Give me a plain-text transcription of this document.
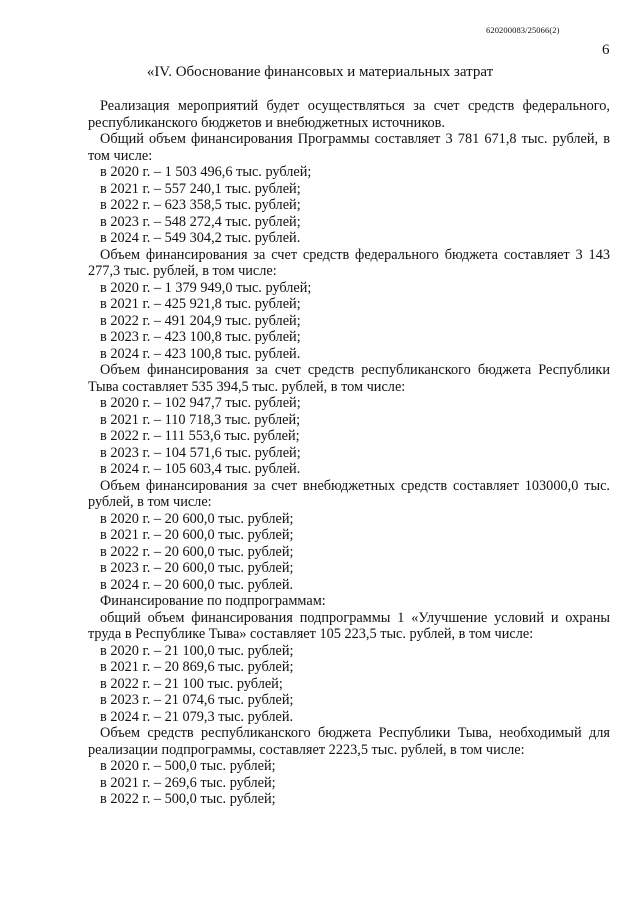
620200083/25066(2)
6
«IV. Обоснование финансовых и материальных затрат

Реализация мероприятий будет осуществляться за счет средств федерального, республиканского бюджетов и внебюджетных источников.

Общий объем финансирования Программы составляет 3 781 671,8 тыс. рублей, в том числе:

в 2020 г. – 1 503 496,6 тыс. рублей;

в 2021 г. – 557 240,1 тыс. рублей;

в 2022 г. – 623 358,5 тыс. рублей;

в 2023 г. – 548 272,4 тыс. рублей;

в 2024 г. – 549 304,2 тыс. рублей.

Объем финансирования за счет средств федерального бюджета составляет 3 143 277,3 тыс. рублей, в том числе:

в 2020 г. – 1 379 949,0 тыс. рублей;

в 2021 г. – 425 921,8 тыс. рублей;

в 2022 г. – 491 204,9 тыс. рублей;

в 2023 г. – 423 100,8 тыс. рублей;

в 2024 г. – 423 100,8 тыс. рублей.

Объем финансирования за счет средств республиканского бюджета Республики Тыва составляет 535 394,5 тыс. рублей, в том числе:

в 2020 г. – 102 947,7 тыс. рублей;

в 2021 г. – 110 718,3 тыс. рублей;

в 2022 г. – 111 553,6 тыс. рублей;

в 2023 г. – 104 571,6 тыс. рублей;

в 2024 г. – 105 603,4 тыс. рублей.

Объем финансирования за счет внебюджетных средств составляет 103000,0 тыс. рублей, в том числе:

в 2020 г. – 20 600,0 тыс. рублей;

в 2021 г. – 20 600,0 тыс. рублей;

в 2022 г. – 20 600,0 тыс. рублей;

в 2023 г. – 20 600,0 тыс. рублей;

в 2024 г. – 20 600,0 тыс. рублей.

Финансирование по подпрограммам:

общий объем финансирования подпрограммы 1 «Улучшение условий и охраны труда в Республике Тыва» составляет 105 223,5 тыс. рублей, в том числе:

в 2020 г. – 21 100,0 тыс. рублей;

в 2021 г. – 20 869,6 тыс. рублей;

в 2022 г. – 21 100 тыс. рублей;

в 2023 г. – 21 074,6 тыс. рублей;

в 2024 г. – 21 079,3 тыс. рублей.

Объем средств республиканского бюджета Республики Тыва, необходимый для реализации подпрограммы, составляет 2223,5 тыс. рублей, в том числе:

в 2020 г. – 500,0 тыс. рублей;

в 2021 г. – 269,6 тыс. рублей;

в 2022 г. – 500,0 тыс. рублей;
